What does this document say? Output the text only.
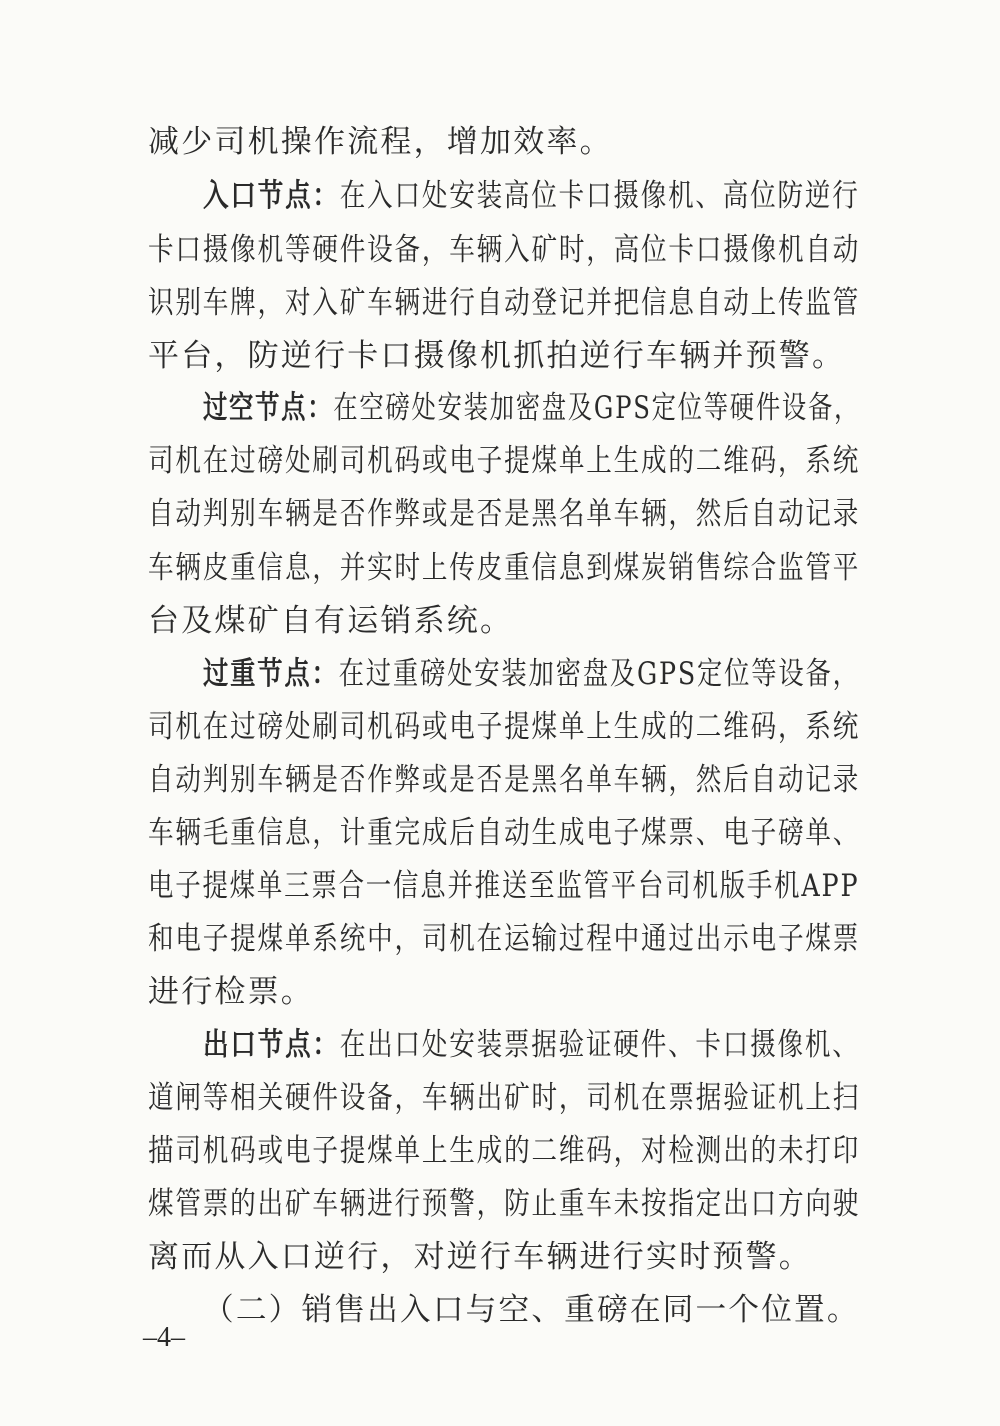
减少司机操作流程，增加效率。
入口节点：在入口处安装高位卡口摄像机、高位防逆行
卡口摄像机等硬件设备，车辆入矿时，高位卡口摄像机自动
识别车牌，对入矿车辆进行自动登记并把信息自动上传监管
平台，防逆行卡口摄像机抓拍逆行车辆并预警。
过空节点：在空磅处安装加密盘及GPS定位等硬件设备，
司机在过磅处刷司机码或电子提煤单上生成的二维码，系统
自动判别车辆是否作弊或是否是黑名单车辆，然后自动记录
车辆皮重信息，并实时上传皮重信息到煤炭销售综合监管平
台及煤矿自有运销系统。
过重节点：在过重磅处安装加密盘及GPS定位等设备，
司机在过磅处刷司机码或电子提煤单上生成的二维码，系统
自动判别车辆是否作弊或是否是黑名单车辆，然后自动记录
车辆毛重信息，计重完成后自动生成电子煤票、电子磅单、
电子提煤单三票合一信息并推送至监管平台司机版手机APP
和电子提煤单系统中，司机在运输过程中通过出示电子煤票
进行检票。
出口节点：在出口处安装票据验证硬件、卡口摄像机、
道闸等相关硬件设备，车辆出矿时，司机在票据验证机上扫
描司机码或电子提煤单上生成的二维码，对检测出的未打印
煤管票的出矿车辆进行预警，防止重车未按指定出口方向驶
离而从入口逆行，对逆行车辆进行实时预警。
（二）销售出入口与空、重磅在同一个位置。
–4–
